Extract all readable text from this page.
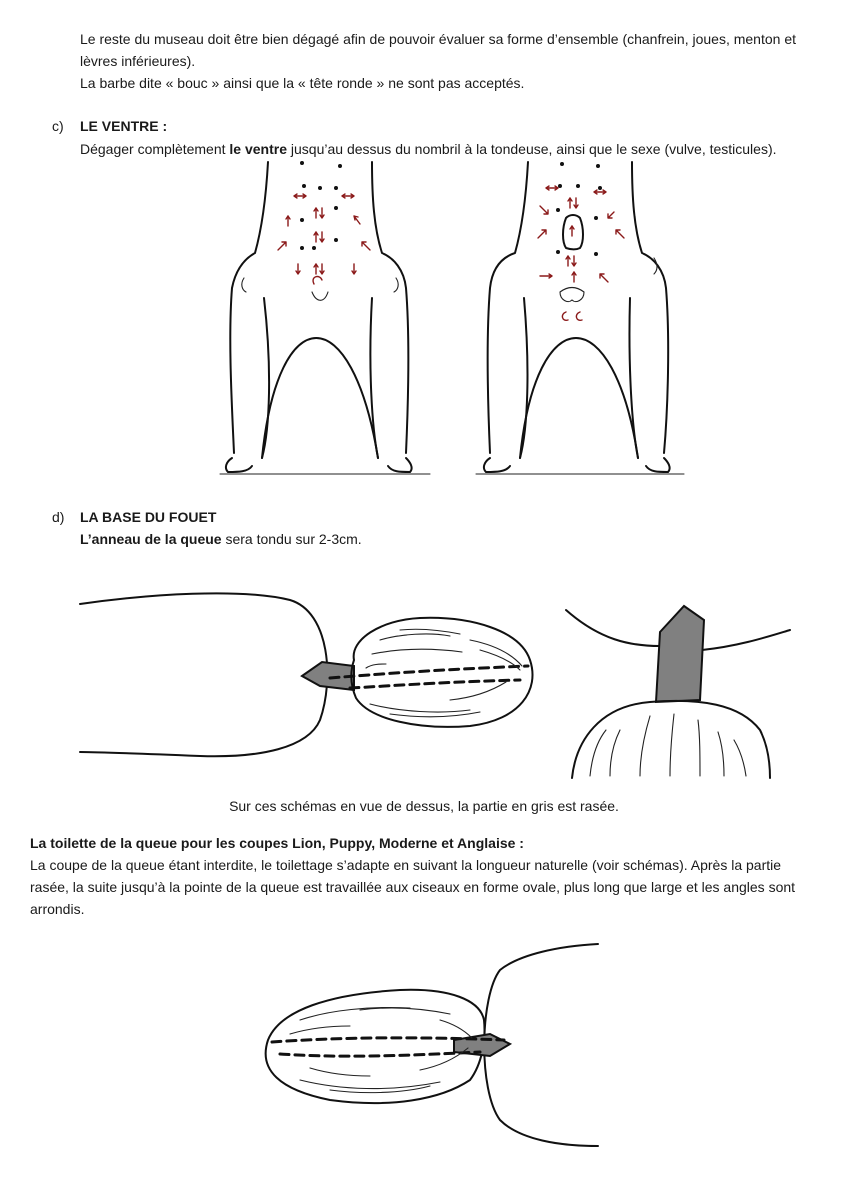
Le reste du museau doit être bien dégagé afin de pouvoir évaluer sa forme d’ensemble (chanfrein, joues, menton et

lèvres inférieures).

La barbe dite « bouc » ainsi que la « tête ronde » ne sont pas acceptés.

c) LE VENTRE :
Dégager complètement le ventre jusqu’au dessus du nombril à la tondeuse, ainsi que le sexe (vulve, testicules).
d) LA BASE DU FOUET
L’anneau de la queue sera tondu sur 2-3cm.
Sur ces schémas en vue de dessus, la partie en gris est rasée.
La toilette de la queue pour les coupes Lion, Puppy, Moderne et Anglaise :

La coupe de la queue étant interdite, le toilettage s’adapte en suivant la longueur naturelle (voir schémas). Après la partie

rasée, la suite jusqu’à la pointe de la queue est travaillée aux ciseaux en forme ovale, plus long que large et les angles sont

arrondis.
